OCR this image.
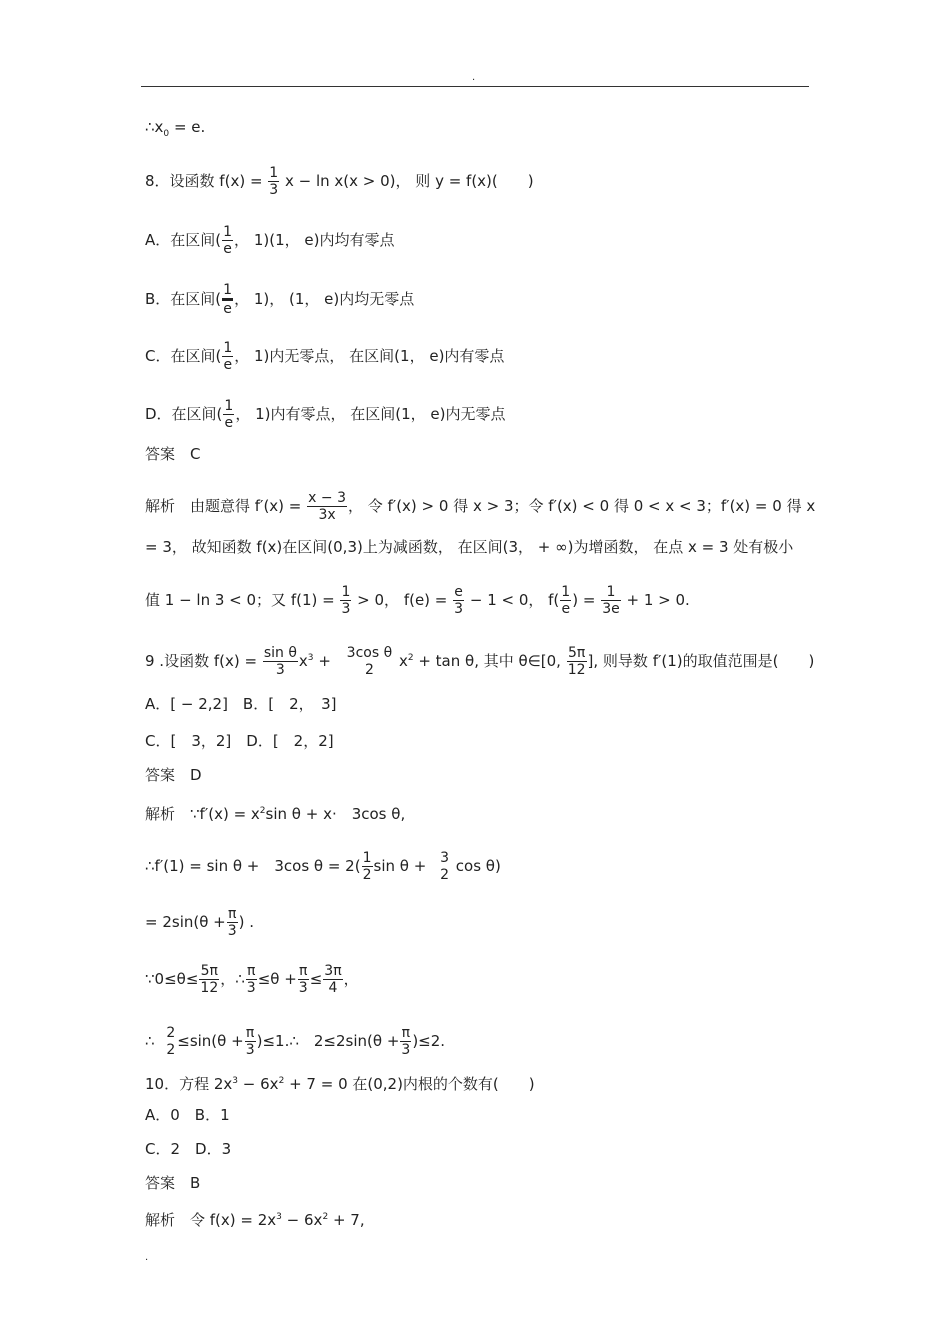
.
$\therefore x_0 = e$.
8．设函数 $f(x) = \frac{1}{3}$ x − ln x(x > 0)， 则 y = f(x)(　　)
A．在区间( $\frac{1}{e}$ ， 1)(1， e)内均有零点
B．在区间( $\frac{1}{e}$ ， 1)， (1， e)内均无零点
C．在区间( $\frac{1}{e}$ ， 1)内无零点， 在区间(1， e)内有零点
D．在区间( $\frac{1}{e}$ ， 1)内有零点， 在区间(1， e)内无零点
答案　C
解析　由题意得 $f'(x) = \frac{x - 3}{3x}$ ， 令 f′(x) > 0 得 x > 3；令 f′(x) < 0 得 0 < x < 3；f′(x) = 0 得 x
= 3， 故知函数 f(x)在区间(0,3)上为减函数， 在区间(3， + ∞)为增函数， 在点 x = 3 处有极小
值 1 − ln 3 < 0；又 $f(1) = \frac{1}{3} > 0$， $f(e) = \frac{e}{3} - 1 < 0$， $f( \frac{1}{e}$ ) = $\frac{1}{3e} + 1 > 0$.
9 .设函数 $f(x) = \frac{\text{sin θ}}{3} x^3 + \frac{\text{3cos θ}}{2} x^2 + \tan \theta$, 其中 θ∈[0, $\frac{5\pi}{12}$ ], 则导数 f′(1)的取值范围是(　　)
A．[ − 2,2]　B．[　2，　3]
C．[　3，2]　D．[　2，2]
答案　D
解析　∵f′(x) = $x^2\sin$ θ + x·　3cos θ,
∴f′(1) = sin θ +　3cos $\theta = 2( \frac{1}{2}$ $\sin \theta + \frac{3}{2}$ cos θ)
= $2\sin(\theta + \frac{\pi}{3}$ ) .
∵0≤θ≤ $\frac{5\pi}{12}$ ，∴ $\frac{\pi}{3} \le\theta + \frac{\pi}{3} \le \frac{3\pi}{4}$ ，
∴ $\frac{2}{2} \le\sin(\theta + \frac{\pi}{3}$ )≤1.∴　$2\le 2\sin(\theta + \frac{\pi}{3} )\le 2$.
10．方程 $2x^3 - 6x^2 + 7 = 0$ 在(0,2)内根的个数有(　　)
A．0　B．1
C．2　D．3
答案　B
解析　令 $f(x) = 2x^3 - 6x^2 + 7$,
.
